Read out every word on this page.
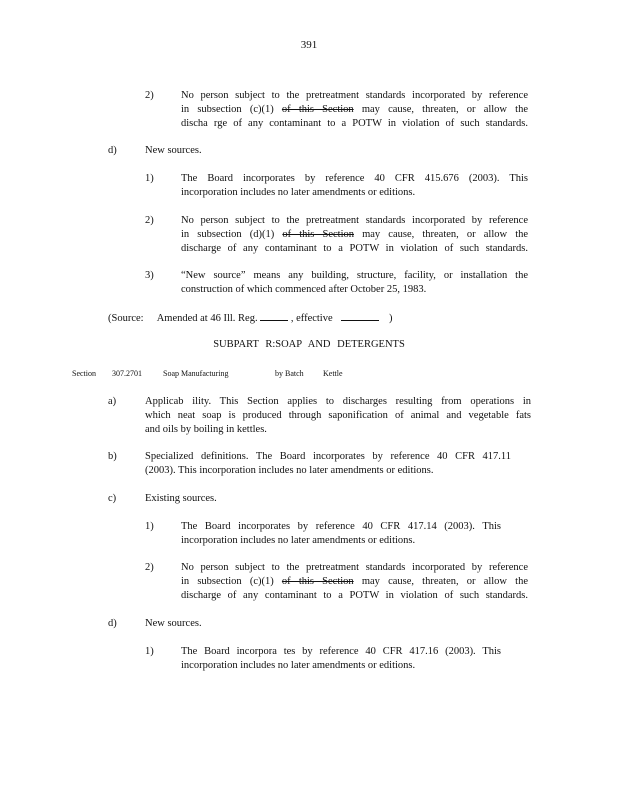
391
2)	No person subject to the pretreatment standards incorporated by reference
in subsection (c)(1) of this Section may cause, threaten, or allow the
discha rge of any contaminant to a POTW in violation of such standards.
d)	New sources.
1)	The Board incorporates by reference 40 CFR 415.676 (2003). This
incorporation includes no later amendments or editions.
2)	No person subject to the pretreatment standards incorporated by reference
in subsection (d)(1) of this Section may cause, threaten, or allow the
discharge of any contaminant to a POTW in violation of such standards.
3)	“New source” means any building, structure, facility, or installation the
construction of which commenced after October 25, 1983.
(Source: Amended at 46 Ill. Reg.	, effective	)
SUBPART R:SOAP AND DETERGENTS
Section 307.2701	Soap Manufacturing	by Batch Kettle
a)	Applicab ility. This Section applies to discharges resulting from operations in
which neat soap is produced through saponification of animal and vegetable fats
and oils by boiling in kettles.
b)	Specialized definitions. The Board incorporates by reference 40 CFR 417.11
(2003). This incorporation includes no later amendments or editions.
c)	Existing sources.
1)	The Board incorporates by reference 40 CFR 417.14 (2003). This
incorporation includes no later amendments or editions.
2)	No person subject to the pretreatment standards incorporated by reference
in subsection (c)(1) of this Section may cause, threaten, or allow the
discharge of any contaminant to a POTW in violation of such standards.
d)	New sources.
1)	The Board incorpora tes by reference 40 CFR 417.16 (2003). This
incorporation includes no later amendments or editions.
